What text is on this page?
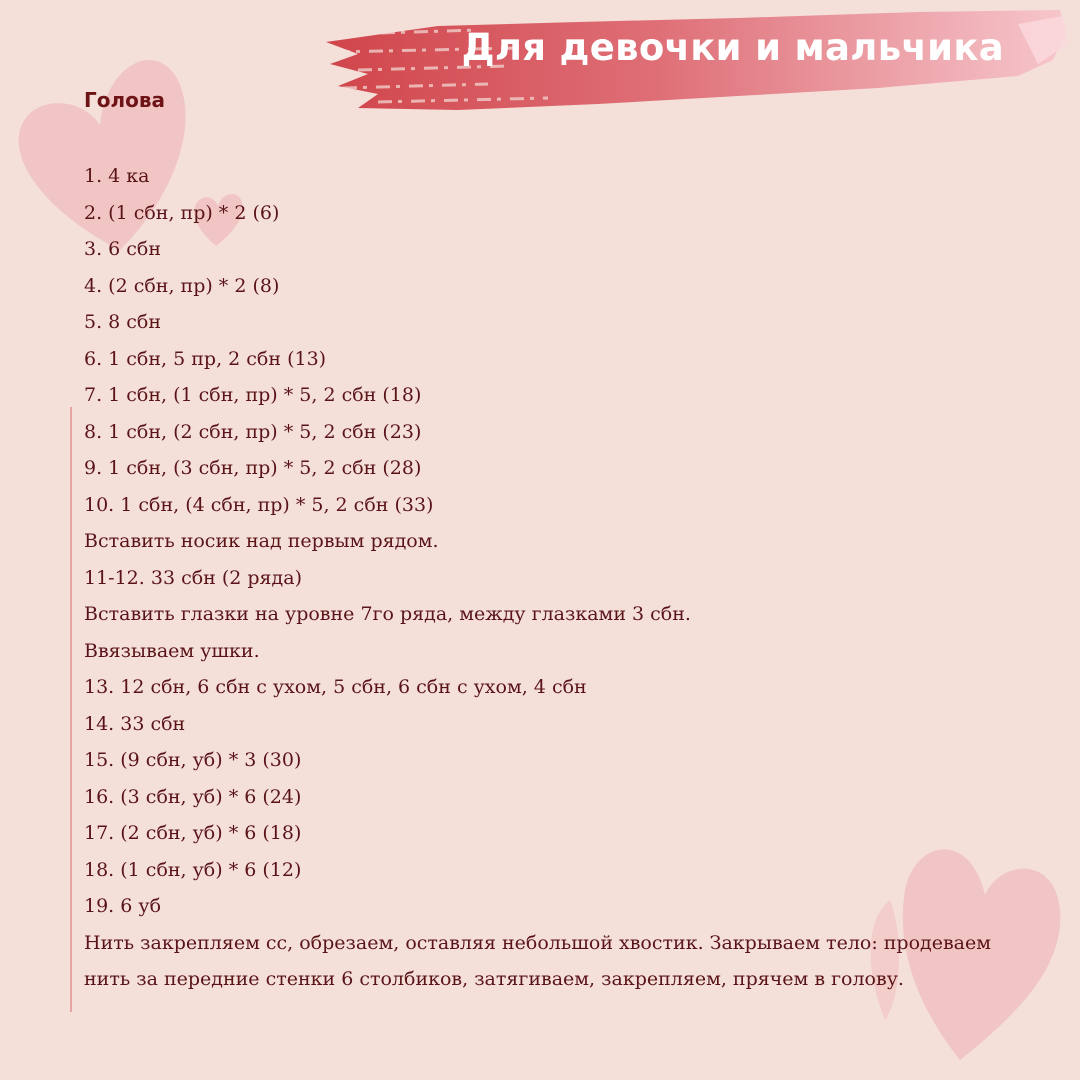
Для девочки и мальчика
Голова
1. 4 ка
2. (1 сбн, пр) * 2 (6)
3. 6 сбн
4. (2 сбн, пр) * 2 (8)
5. 8 сбн
6. 1 сбн, 5 пр, 2 сбн (13)
7. 1 сбн, (1 сбн, пр) * 5, 2 сбн (18)
8. 1 сбн, (2 сбн, пр) * 5, 2 сбн (23)
9. 1 сбн, (3 сбн, пр) * 5, 2 сбн (28)
10. 1 сбн, (4 сбн, пр) * 5, 2 сбн (33)
Вставить носик над первым рядом.
11-12. 33 сбн (2 ряда)
Вставить глазки на уровне 7го ряда, между глазками 3 сбн.
Ввязываем ушки.
13. 12 сбн, 6 сбн с ухом, 5 сбн, 6 сбн с ухом, 4 сбн
14. 33 сбн
15. (9 сбн, уб) * 3 (30)
16. (3 сбн, уб) * 6 (24)
17. (2 сбн, уб) * 6 (18)
18. (1 сбн, уб) * 6 (12)
19. 6 уб
Нить закрепляем сс, обрезаем, оставляя небольшой хвостик. Закрываем тело: продеваем нить за передние стенки 6 столбиков, затягиваем, закрепляем, прячем в голову.
